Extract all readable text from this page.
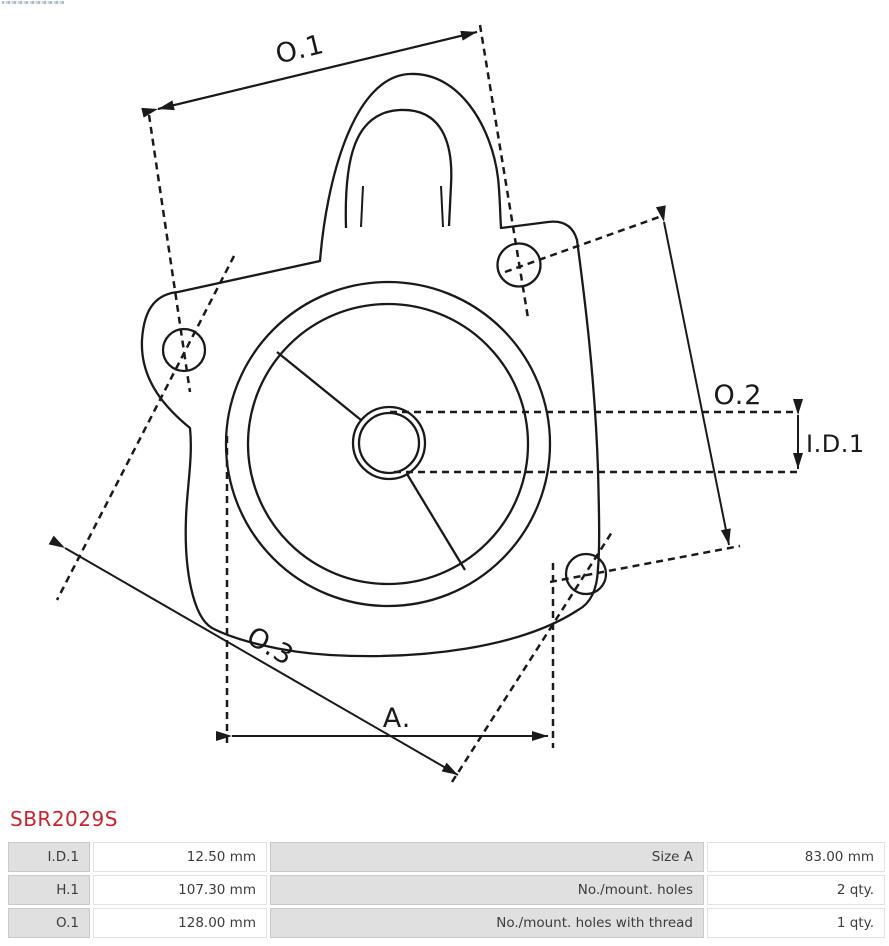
O.1
O.2
I.D.1
O.3
A.
SBR2029S
I.D.1	12.50 mm	Size A	83.00 mm
H.1	107.30 mm	No./mount. holes	2 qty.
O.1	128.00 mm	No./mount. holes with thread	1 qty.
